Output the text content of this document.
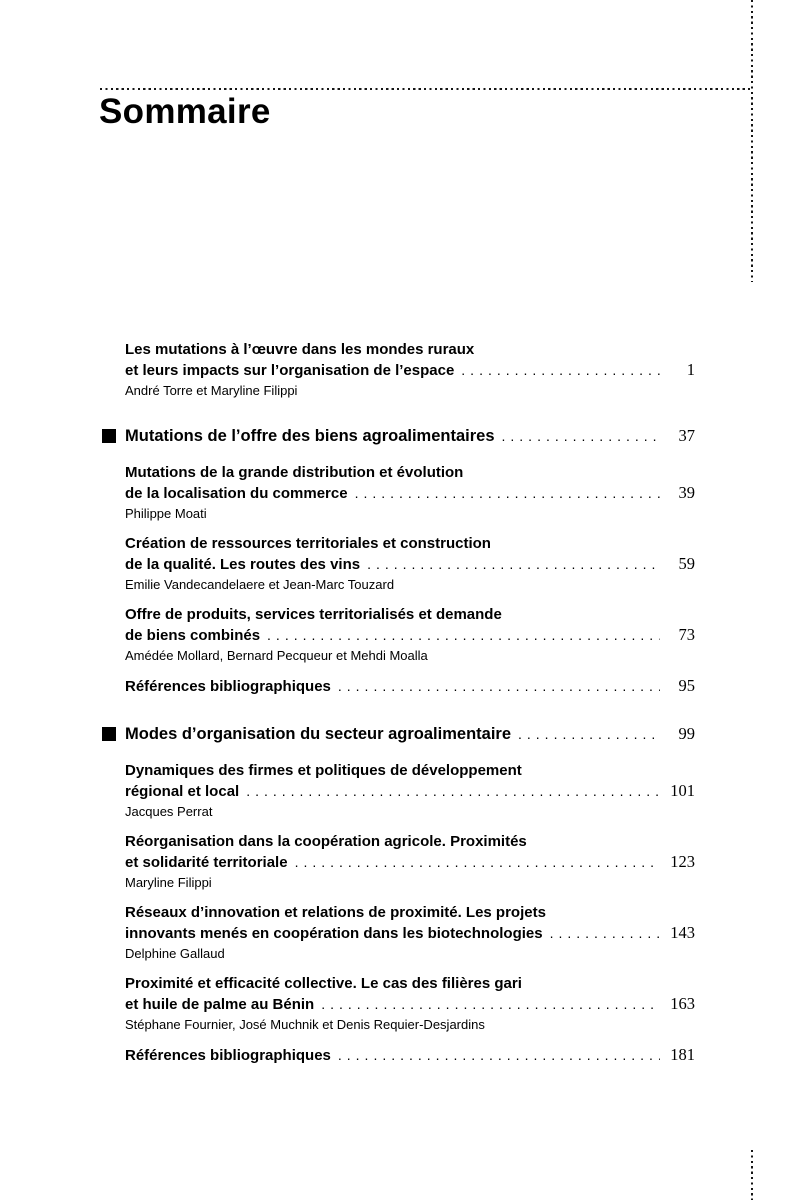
Sommaire
Les mutations à l’œuvre dans les mondes ruraux
et leurs impacts sur l’organisation de l’espace .....	1
André Torre et Maryline Filippi
Mutations de l’offre des biens agroalimentaires .....	37
Mutations de la grande distribution et évolution
de la localisation du commerce .....	39
Philippe Moati
Création de ressources territoriales et construction
de la qualité. Les routes des vins .....	59
Emilie Vandecandelaere et Jean-Marc Touzard
Offre de produits, services territorialisés et demande
de biens combinés .....	73
Amédée Mollard, Bernard Pecqueur et Mehdi Moalla
Références bibliographiques .....	95
Modes d’organisation du secteur agroalimentaire .....	99
Dynamiques des firmes et politiques de développement
régional et local .....	101
Jacques Perrat
Réorganisation dans la coopération agricole. Proximités
et solidarité territoriale .....	123
Maryline Filippi
Réseaux d’innovation et relations de proximité. Les projets
innovants menés en coopération dans les biotechnologies .....	143
Delphine Gallaud
Proximité et efficacité collective. Le cas des filières gari
et huile de palme au Bénin .....	163
Stéphane Fournier, José Muchnik et Denis Requier-Desjardins
Références bibliographiques .....	181
